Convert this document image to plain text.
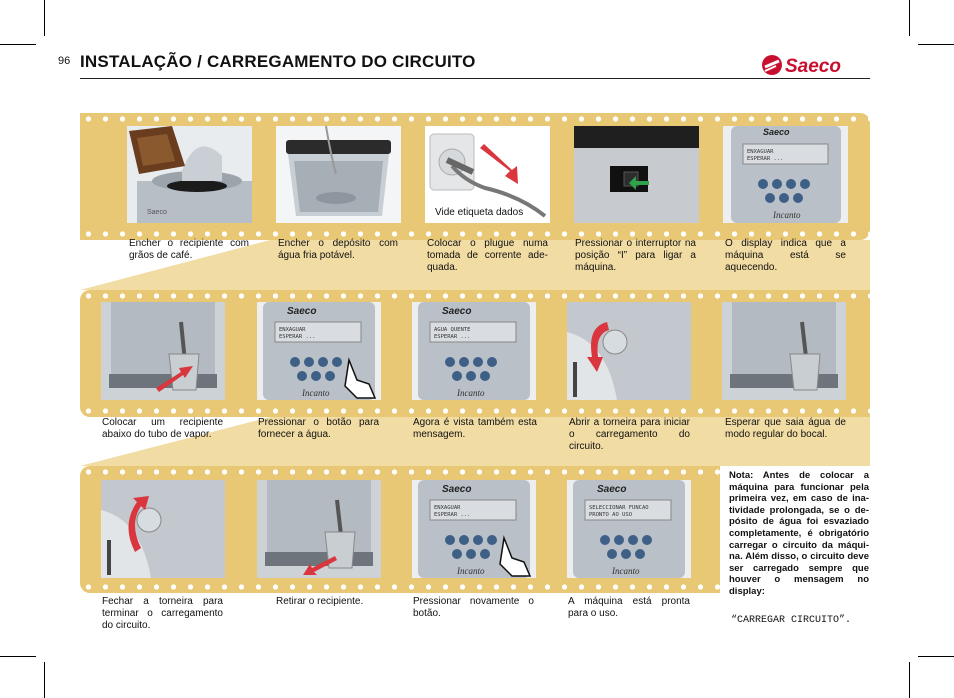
96 INSTALAÇÃO / CARREGAMENTO DO CIRCUITO	Saeco
Saeco	Vide etiqueta dados
Saeco
ENXAGUAR
ESPERAR ...
Incanto
Encher o recipiente com grãos de café.
Encher o depósito com água fria potável.
Colocar o plugue numa tomada de corrente ade-quada.
Pressionar o interruptor na posição “I” para ligar a máquina.
O display indica que a máquina está se aquecendo.
Saeco
ENXAGUAR
ESPERAR ...
Incanto
Saeco
AGUA QUENTE
ESPERAR ...
Incanto
Colocar um recipiente abaixo do tubo de vapor.
Pressionar o botão para fornecer a água.
Agora é vista também esta mensagem.
Abrir a torneira para iniciar o carregamento do circuito.
Esperar que saia água de modo regular do bocal.
Saeco
ENXAGUAR
ESPERAR ...
Incanto
Saeco
SELECCIONAR FUNCAO
PRONTO AO USO
Incanto
Fechar a torneira para terminar o carregamento do circuito.
Retirar o recipiente.	Pressionar novamente o botão.
A máquina está pronta para o uso.
Nota: Antes de colocar a máquina para funcionar pela primeira vez, em caso de ina-tividade prolongada, se o de-pósito de água foi esvaziado completamente, é obrigatório carregar o circuito da máqui-na. Além disso, o circuito deve ser carregado sempre que houver o mensagem no display:
“CARREGAR CIRCUITO”.
